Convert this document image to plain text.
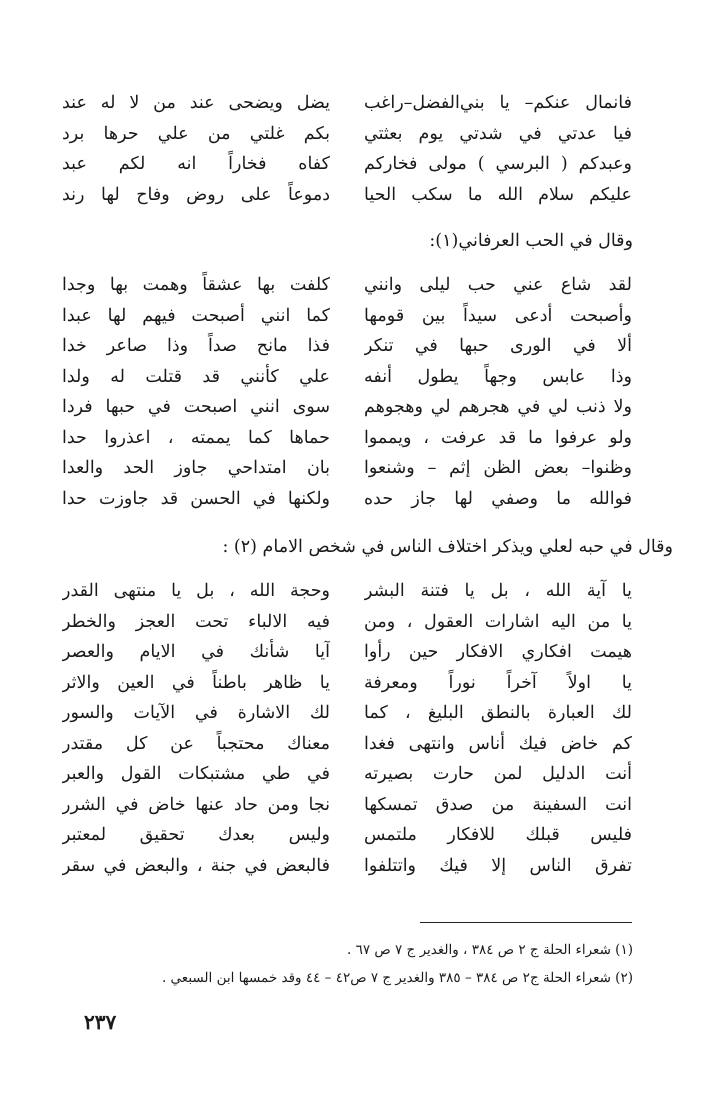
فانمال عنكم– يا بني‌الفضل–راغب
يضل ويضحى عند من لا له عند
فيا عدتي في شدتي يوم بعثتي
بكم غلتي من علي حرها برد
وعبدكم ( البرسي ) مولى فخاركم
كفاه فخاراً انه لكم عبد
عليكم سلام الله ما سكب الحيا
دموعاً على روض وفاح لها رند
وقال في الحب العرفاني(١):
لقد شاع عني حب ليلى وانني
كلفت بها عشقاً وهمت بها وجدا
وأصبحت أدعى سيداً بين قومها
كما انني أصبحت فيهم لها عبدا
ألا في الورى حبها في تنكر
فذا مانح صداً وذا صاعر خدا
وذا عابس وجهاً يطول أنفه
علي كأنني قد قتلت له ولدا
ولا ذنب لي في هجرهم لي وهجوهم
سوى انني اصبحت في حبها فردا
ولو عرفوا ما قد عرفت ، ويمموا
حماها كما يممته ، اعذروا حدا
وظنوا– بعض الظن إثم – وشنعوا
بان امتداحي جاوز الحد والعدا
فوالله ما وصفي لها جاز حده
ولكنها في الحسن قد جاوزت حدا
وقال في حبه لعلي ويذكر اختلاف الناس في شخص الامام (٢) :
يا آية الله ، بل يا فتنة البشر
وحجة الله ، بل يا منتهى القدر
يا من اليه اشارات العقول ، ومن
فيه الالباء تحت العجز والخطر
هيمت افكاري الافكار حين رأوا
آيا شأنك في الايام والعصر
يا اولاً آخراً نوراً ومعرفة
يا ظاهر باطناً في العين والاثر
لك العبارة بالنطق البليغ ، كما
لك الاشارة في الآيات والسور
كم خاض فيك أناس وانتهى فغدا
معناك محتجباً عن كل مقتدر
أنت الدليل لمن حارت بصيرته
في طي مشتبكات القول والعبر
انت السفينة من صدق تمسكها
نجا ومن حاد عنها خاض في الشرر
فليس قبلك للافكار ملتمس
وليس بعدك تحقيق لمعتبر
تفرق الناس إلا فيك واتتلفوا
فالبعض في جنة ، والبعض في سقر
(١) شعراء الحلة ج ٢ ص ٣٨٤ ، والغدير ج ٧ ص ٦٧ .
(٢) شعراء الحلة ج٢ ص ٣٨٤ – ٣٨٥ والغدير ج ٧ ص٤٢ – ٤٤ وقد خمسها ابن السبعي .
٢٣٧
